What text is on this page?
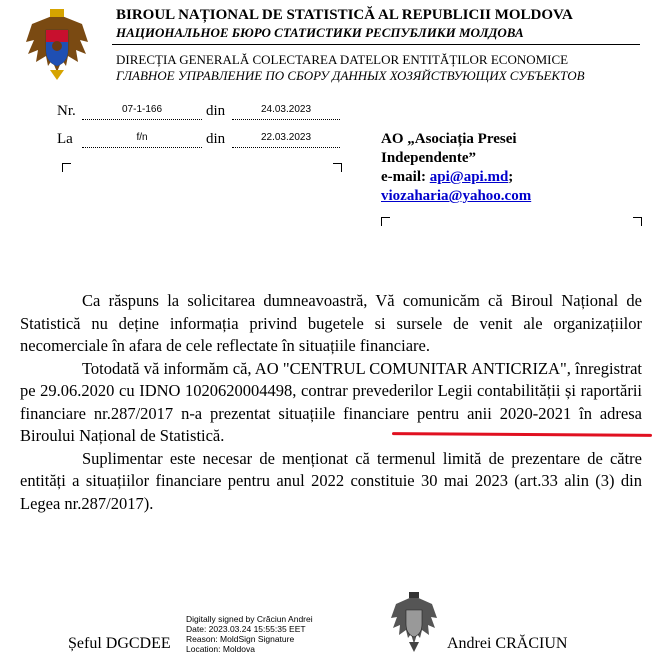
BIROUL NAȚIONAL DE STATISTICĂ AL REPUBLICII MOLDOVA
НАЦИОНАЛЬНОЕ БЮРО СТАТИСТИКИ РЕСПУБЛИКИ МОЛДОВА
DIRECȚIA GENERALĂ COLECTAREA DATELOR ENTITĂȚILOR ECONOMICE
ГЛАВНОЕ УПРАВЛЕНИЕ ПО СБОРУ ДАННЫХ ХОЗЯЙСТВУЮЩИХ СУБЪЕКТОВ
Nr.	07-1-166	din	24.03.2023
La	f/n	din	22.03.2023	AO „Asociația Presei
Independente”
e-mail: api@api.md;
viozaharia@yahoo.com

Ca răspuns la solicitarea dumneavoastră, Vă comunicăm că Biroul Național de Statistică nu deține informația privind bugetele si sursele de venit ale organizațiilor necomerciale în afara de cele reflectate în situațiile financiare.

Totodată vă informăm că, AO "CENTRUL COMUNITAR ANTICRIZA", înregistrat pe 29.06.2020 cu IDNO 1020620004498, contrar prevederilor Legii contabilității și raportării financiare nr.287/2017 n-a prezentat situațiile financiare pentru anii 2020-2021 în adresa Biroului Național de Statistică.

Suplimentar este necesar de menționat că termenul limită de prezentare de către entități a situațiilor financiare pentru anul 2022 constituie 30 mai 2023 (art.33 alin (3) din Legea nr.287/2017).

Digitally signed by Crăciun Andrei
Date: 2023.03.24 15:55:35 EET
Reason: MoldSign Signature
Location: Moldova
Șeful DGCDEE	Andrei CRĂCIUN
